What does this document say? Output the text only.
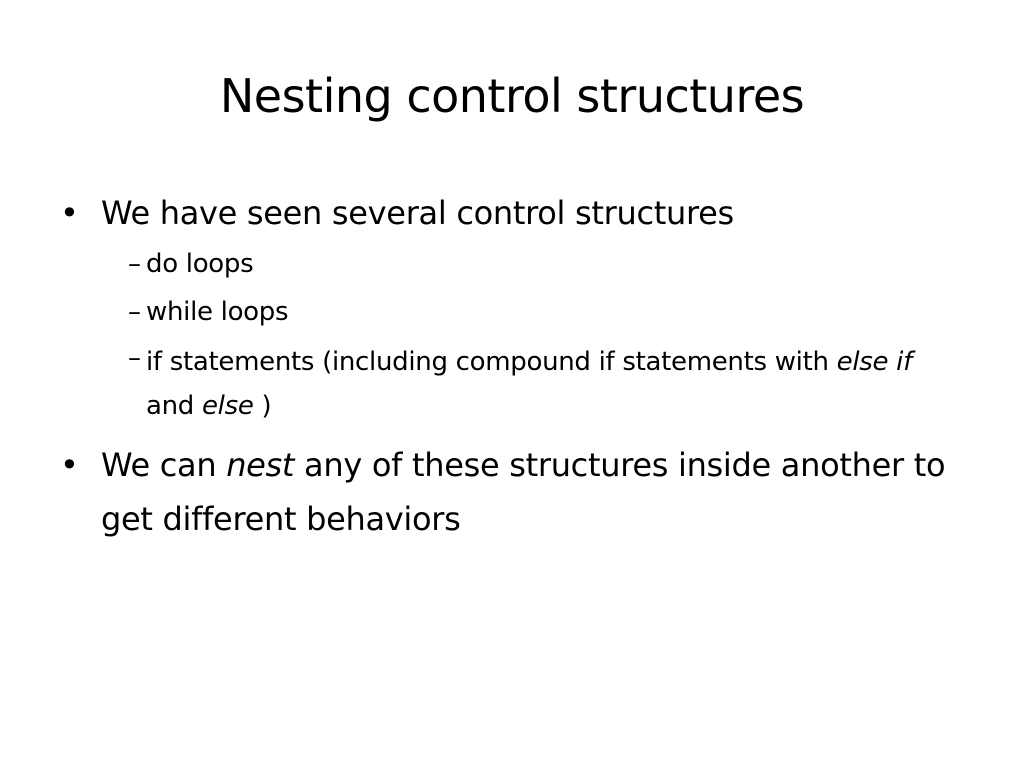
Nesting control structures
• We have seen several control structures
– do loops
– while loops
– if statements (including compound if statements with else if and else )
• We can nest any of these structures inside another to get different behaviors
